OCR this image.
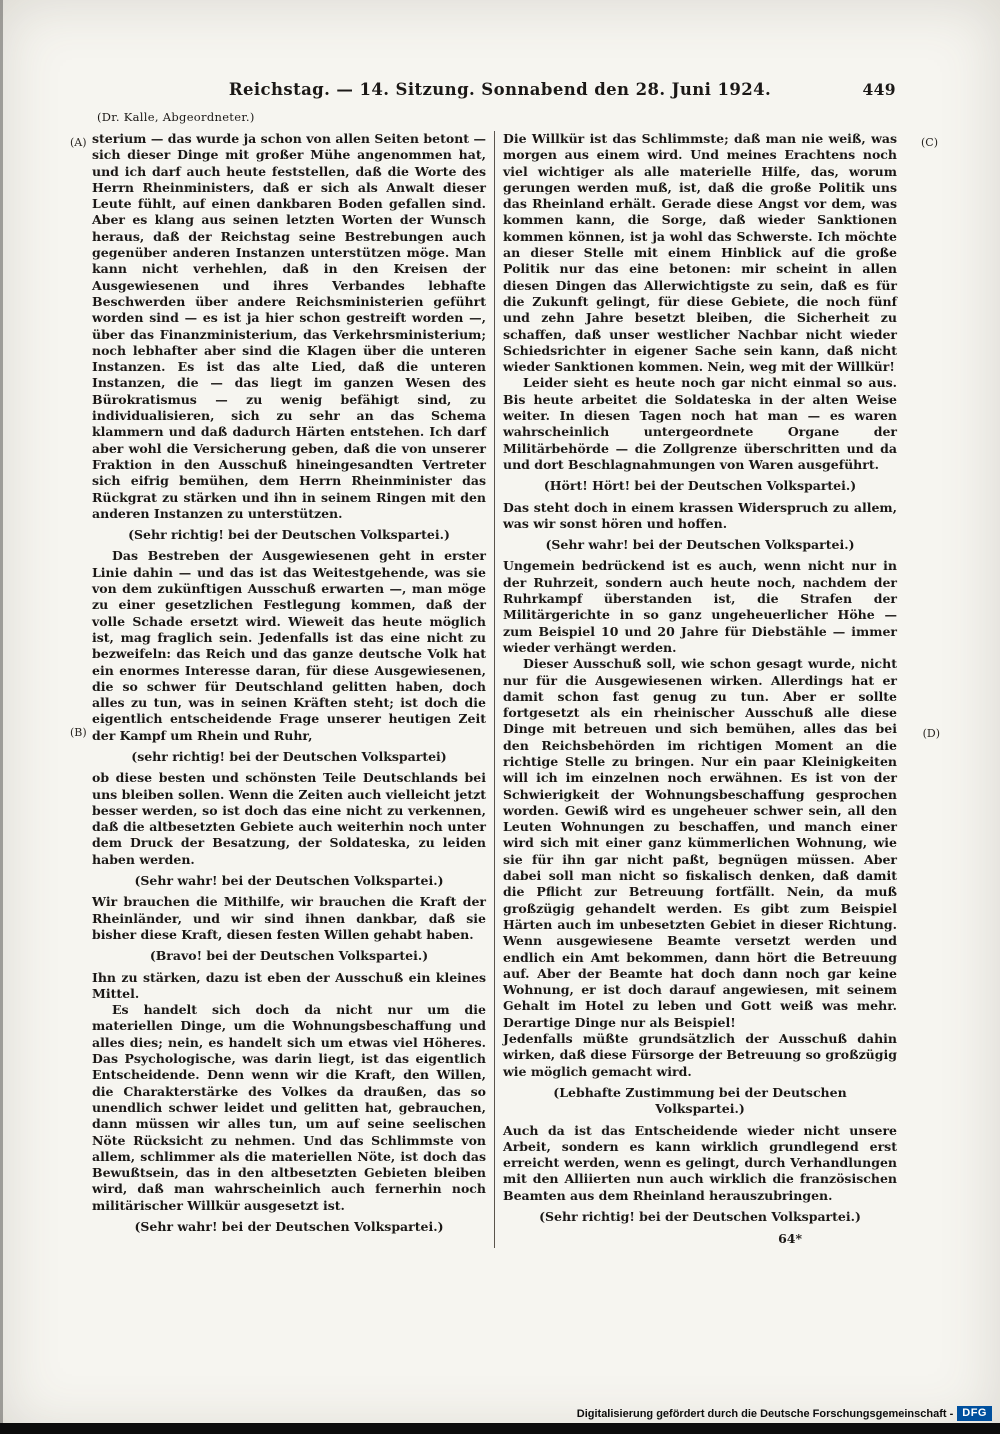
Reichstag. — 14. Sitzung. Sonnabend den 28. Juni 1924.	449
(Dr. Kalle, Abgeordneter.)
(A)
(B)
(C)
(D)
sterium — das wurde ja schon von allen Seiten betont — sich dieser Dinge mit großer Mühe angenommen hat, und ich darf auch heute feststellen, daß die Worte des Herrn Rheinministers, daß er sich als Anwalt dieser Leute fühlt, auf einen dankbaren Boden gefallen sind. Aber es klang aus seinen letzten Worten der Wunsch heraus, daß der Reichstag seine Bestrebungen auch gegenüber anderen Instanzen unterstützen möge. Man kann nicht verhehlen, daß in den Kreisen der Ausgewiesenen und ihres Verbandes lebhafte Beschwerden über andere Reichsministerien geführt worden sind — es ist ja hier schon gestreift worden —, über das Finanzministerium, das Verkehrsministerium; noch lebhafter aber sind die Klagen über die unteren Instanzen. Es ist das alte Lied, daß die unteren Instanzen, die — das liegt im ganzen Wesen des Bürokratismus — zu wenig befähigt sind, zu individualisieren, sich zu sehr an das Schema klammern und daß dadurch Härten entstehen. Ich darf aber wohl die Versicherung geben, daß die von unserer Fraktion in den Ausschuß hineingesandten Vertreter sich eifrig bemühen, dem Herrn Rheinminister das Rückgrat zu stärken und ihn in seinem Ringen mit den anderen Instanzen zu unterstützen.
(Sehr richtig! bei der Deutschen Volkspartei.)
Das Bestreben der Ausgewiesenen geht in erster Linie dahin — und das ist das Weitestgehende, was sie von dem zukünftigen Ausschuß erwarten —, man möge zu einer gesetzlichen Festlegung kommen, daß der volle Schade ersetzt wird. Wieweit das heute möglich ist, mag fraglich sein. Jedenfalls ist das eine nicht zu bezweifeln: das Reich und das ganze deutsche Volk hat ein enormes Interesse daran, für diese Ausgewiesenen, die so schwer für Deutschland gelitten haben, doch alles zu tun, was in seinen Kräften steht; ist doch die eigentlich entscheidende Frage unserer heutigen Zeit der Kampf um Rhein und Ruhr,
(sehr richtig! bei der Deutschen Volkspartei)
ob diese besten und schönsten Teile Deutschlands bei uns bleiben sollen. Wenn die Zeiten auch vielleicht jetzt besser werden, so ist doch das eine nicht zu verkennen, daß die altbesetzten Gebiete auch weiterhin noch unter dem Druck der Besatzung, der Soldateska, zu leiden haben werden.
(Sehr wahr! bei der Deutschen Volkspartei.)
Wir brauchen die Mithilfe, wir brauchen die Kraft der Rheinländer, und wir sind ihnen dankbar, daß sie bisher diese Kraft, diesen festen Willen gehabt haben.
(Bravo! bei der Deutschen Volkspartei.)
Ihn zu stärken, dazu ist eben der Ausschuß ein kleines Mittel.
Es handelt sich doch da nicht nur um die materiellen Dinge, um die Wohnungsbeschaffung und alles dies; nein, es handelt sich um etwas viel Höheres. Das Psychologische, was darin liegt, ist das eigentlich Entscheidende. Denn wenn wir die Kraft, den Willen, die Charakterstärke des Volkes da draußen, das so unendlich schwer leidet und gelitten hat, gebrauchen, dann müssen wir alles tun, um auf seine seelischen Nöte Rücksicht zu nehmen. Und das Schlimmste von allem, schlimmer als die materiellen Nöte, ist doch das Bewußtsein, das in den altbesetzten Gebieten bleiben wird, daß man wahrscheinlich auch fernerhin noch militärischer Willkür ausgesetzt ist.
(Sehr wahr! bei der Deutschen Volkspartei.)
Die Willkür ist das Schlimmste; daß man nie weiß, was morgen aus einem wird. Und meines Erachtens noch viel wichtiger als alle materielle Hilfe, das, worum gerungen werden muß, ist, daß die große Politik uns das Rheinland erhält. Gerade diese Angst vor dem, was kommen kann, die Sorge, daß wieder Sanktionen kommen können, ist ja wohl das Schwerste. Ich möchte an dieser Stelle mit einem Hinblick auf die große Politik nur das eine betonen: mir scheint in allen diesen Dingen das Allerwichtigste zu sein, daß es für die Zukunft gelingt, für diese Gebiete, die noch fünf und zehn Jahre besetzt bleiben, die Sicherheit zu schaffen, daß unser westlicher Nachbar nicht wieder Schiedsrichter in eigener Sache sein kann, daß nicht wieder Sanktionen kommen. Nein, weg mit der Willkür!
Leider sieht es heute noch gar nicht einmal so aus. Bis heute arbeitet die Soldateska in der alten Weise weiter. In diesen Tagen noch hat man — es waren wahrscheinlich untergeordnete Organe der Militärbehörde — die Zollgrenze überschritten und da und dort Beschlagnahmungen von Waren ausgeführt.
(Hört! Hört! bei der Deutschen Volkspartei.)
Das steht doch in einem krassen Widerspruch zu allem, was wir sonst hören und hoffen.
(Sehr wahr! bei der Deutschen Volkspartei.)
Ungemein bedrückend ist es auch, wenn nicht nur in der Ruhrzeit, sondern auch heute noch, nachdem der Ruhrkampf überstanden ist, die Strafen der Militärgerichte in so ganz ungeheuerlicher Höhe — zum Beispiel 10 und 20 Jahre für Diebstähle — immer wieder verhängt werden.
Dieser Ausschuß soll, wie schon gesagt wurde, nicht nur für die Ausgewiesenen wirken. Allerdings hat er damit schon fast genug zu tun. Aber er sollte fortgesetzt als ein rheinischer Ausschuß alle diese Dinge mit betreuen und sich bemühen, alles das bei den Reichsbehörden im richtigen Moment an die richtige Stelle zu bringen. Nur ein paar Kleinigkeiten will ich im einzelnen noch erwähnen. Es ist von der Schwierigkeit der Wohnungsbeschaffung gesprochen worden. Gewiß wird es ungeheuer schwer sein, all den Leuten Wohnungen zu beschaffen, und manch einer wird sich mit einer ganz kümmerlichen Wohnung, wie sie für ihn gar nicht paßt, begnügen müssen. Aber dabei soll man nicht so fiskalisch denken, daß damit die Pflicht zur Betreuung fortfällt. Nein, da muß großzügig gehandelt werden. Es gibt zum Beispiel Härten auch im unbesetzten Gebiet in dieser Richtung. Wenn ausgewiesene Beamte versetzt werden und endlich ein Amt bekommen, dann hört die Betreuung auf. Aber der Beamte hat doch dann noch gar keine Wohnung, er ist doch darauf angewiesen, mit seinem Gehalt im Hotel zu leben und Gott weiß was mehr. Derartige Dinge nur als Beispiel!
Jedenfalls müßte grundsätzlich der Ausschuß dahin wirken, daß diese Fürsorge der Betreuung so großzügig wie möglich gemacht wird.
(Lebhafte Zustimmung bei der Deutschen Volkspartei.)
Auch da ist das Entscheidende wieder nicht unsere Arbeit, sondern es kann wirklich grundlegend erst erreicht werden, wenn es gelingt, durch Verhandlungen mit den Alliierten nun auch wirklich die französischen Beamten aus dem Rheinland herauszubringen.
(Sehr richtig! bei der Deutschen Volkspartei.)
64*
Digitalisierung gefördert durch die Deutsche Forschungsgemeinschaft - DFG
